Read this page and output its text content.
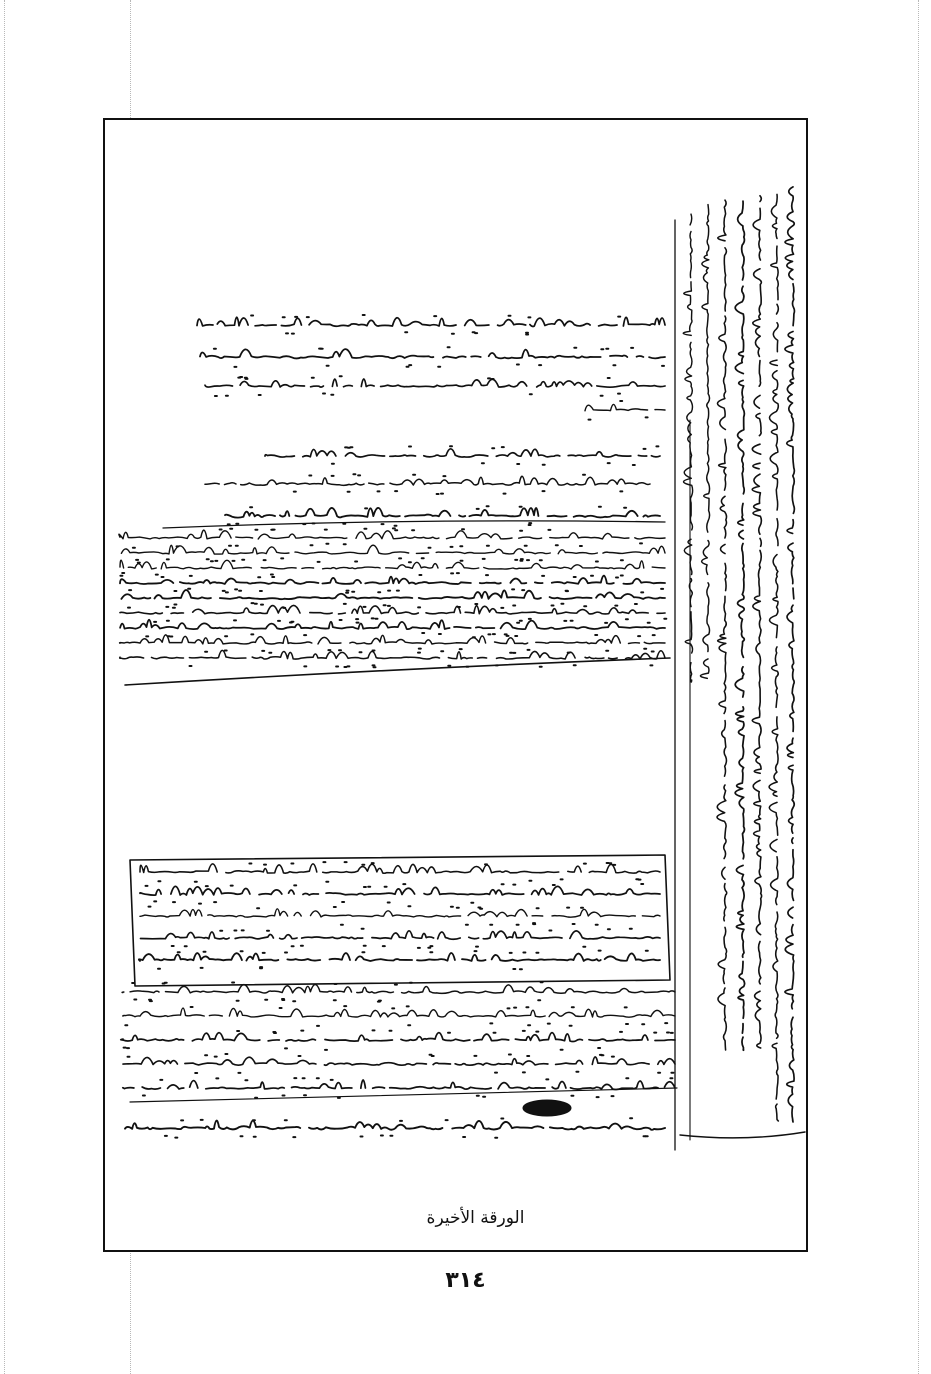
الورقة الأخيرة
٣١٤
